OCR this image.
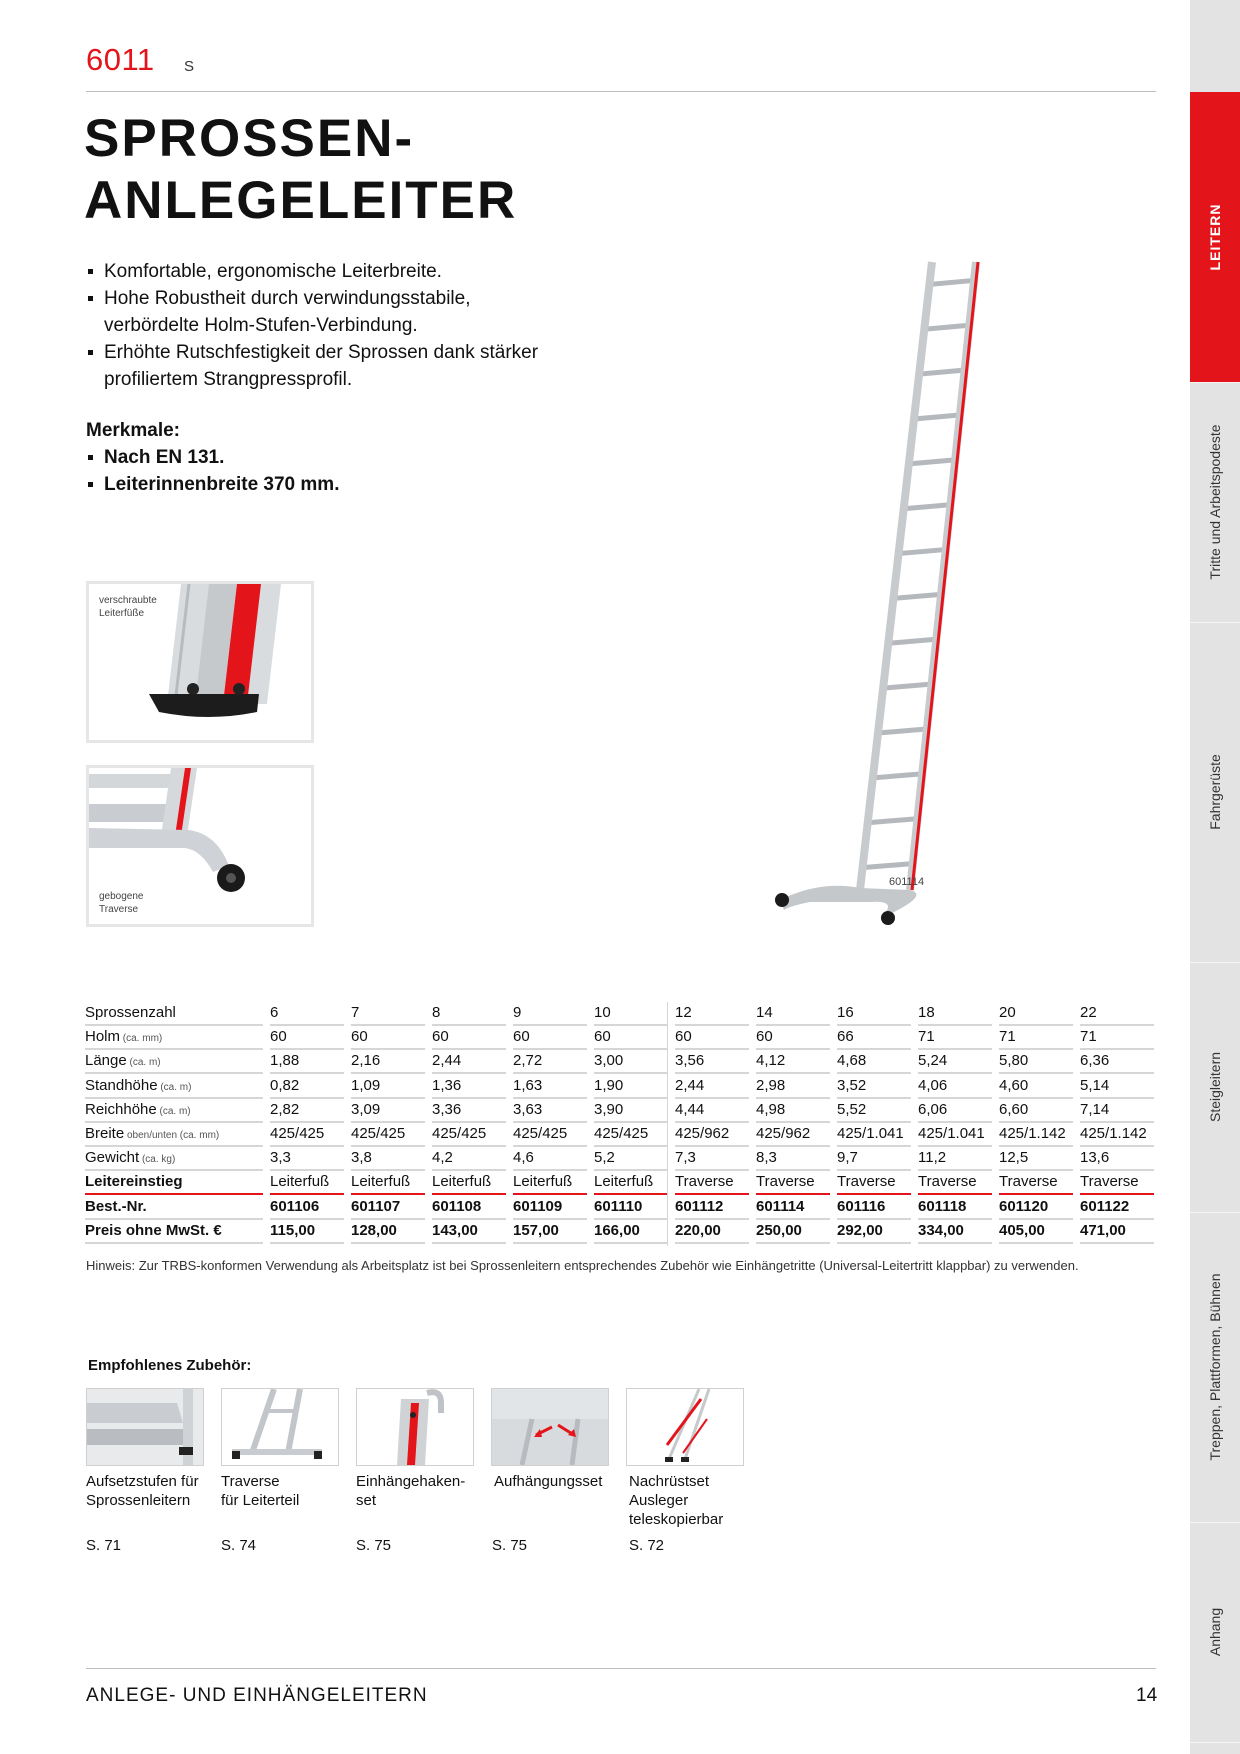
6011 S
SPROSSEN-
ANLEGELEITER
Komfortable, ergonomische Leiterbreite.
Hohe Robustheit durch verwindungsstabile, verbördelte Holm-Stufen-Verbindung.
Erhöhte Rutschfestigkeit der Sprossen dank stärker profiliertem Strangpressprofil.
Merkmale:
Nach EN 131.
Leiterinnenbreite 370 mm.
verschraubte
Leiterfüße
gebogene
Traverse
601114
LEITERN
Tritte und Arbeitspodeste
Fahrgerüste
Steigleitern
Treppen, Plattformen, Bühnen
Anhang
Sprossenzahl	6	7	8	9	10	12	14	16	18	20	22
Holm (ca. mm)	60	60	60	60	60	60	60	66	71	71	71
Länge (ca. m)	1,88	2,16	2,44	2,72	3,00	3,56	4,12	4,68	5,24	5,80	6,36
Standhöhe (ca. m)	0,82	1,09	1,36	1,63	1,90	2,44	2,98	3,52	4,06	4,60	5,14
Reichhöhe (ca. m)	2,82	3,09	3,36	3,63	3,90	4,44	4,98	5,52	6,06	6,60	7,14
Breite oben/unten (ca. mm)	425/425	425/425	425/425	425/425	425/425	425/962	425/962	425/1.041 425/1.041 425/1.142 425/1.142
Gewicht (ca. kg)	3,3	3,8	4,2	4,6	5,2	7,3	8,3	9,7	11,2	12,5	13,6
Leitereinstieg	Leiterfuß	Leiterfuß	Leiterfuß	Leiterfuß	Leiterfuß	Traverse	Traverse	Traverse	Traverse	Traverse	Traverse
Best.-Nr.	601106	601107	601108	601109	601110	601112	601114	601116	601118	601120	601122
Preis ohne MwSt. €	115,00	128,00	143,00	157,00	166,00	220,00	250,00	292,00	334,00	405,00	471,00
Hinweis: Zur TRBS-konformen Verwendung als Arbeitsplatz ist bei Sprossenleitern entsprechendes Zubehör wie Einhängetritte (Universal-Leitertritt klappbar) zu verwenden.
Empfohlenes Zubehör:
Aufsetzstufen für
Sprossenleitern
Traverse
für Leiterteil
Einhängehaken-
set
Aufhängungsset	Nachrüstset
Ausleger
teleskopierbar
S. 71	S. 74	S. 75	S. 75	S. 72
ANLEGE- UND EINHÄNGELEITERN	14
